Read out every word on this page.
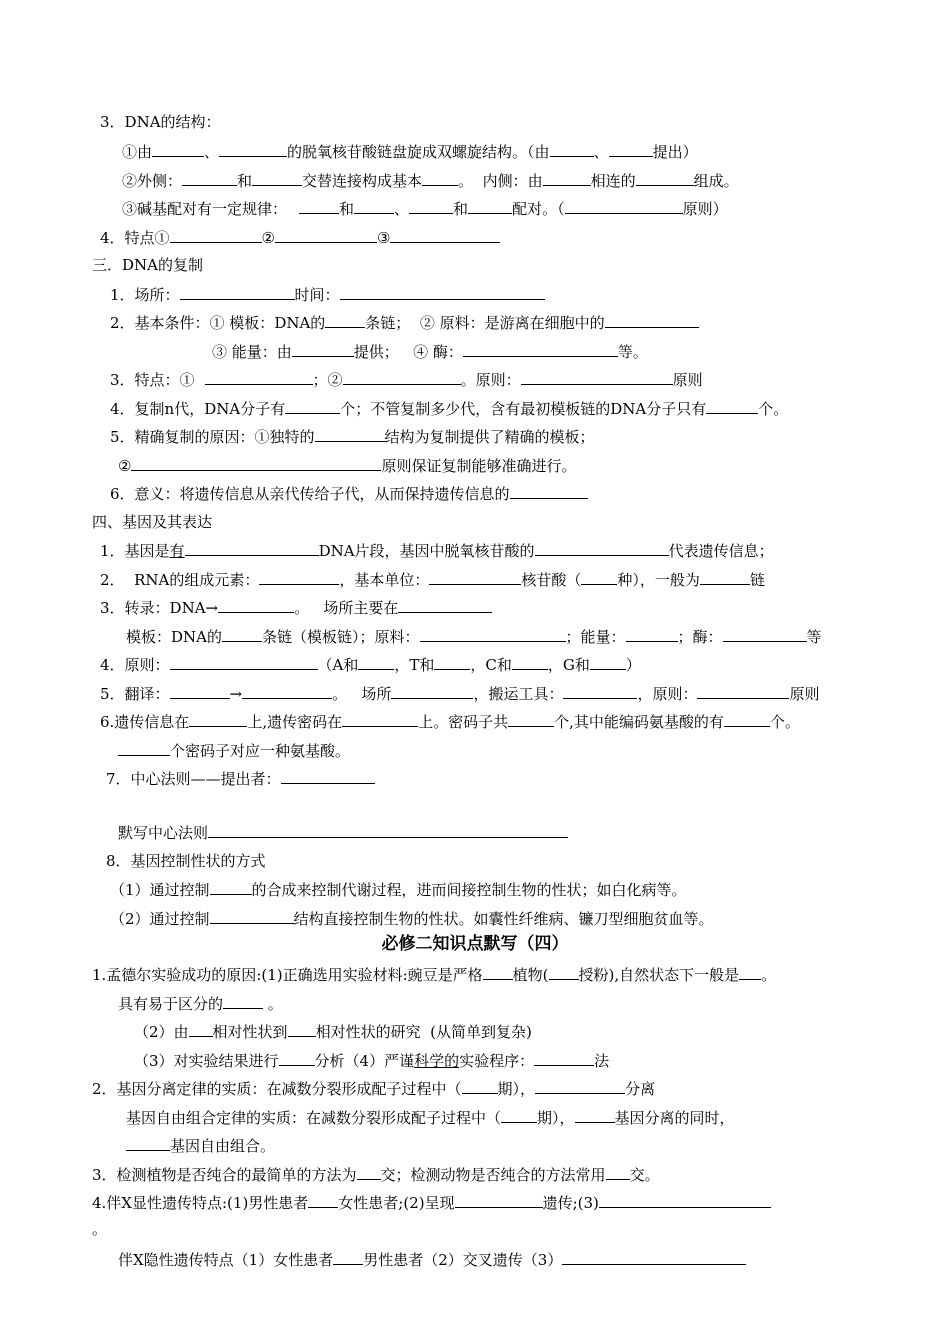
3．DNA的结构：
①由	、	的脱氧核苷酸链盘旋成双螺旋结构。（由	、	提出）
②外侧：	和	交替连接构成基本 。  内侧：由	相连的	组成。
③碱基配对有一定规律：	和	、	和	配对。（	原则）
4．特点①	②	③
三．DNA的复制
1．场所：	时间：
2．基本条件：① 模板：DNA的	条链；  ② 原料：是游离在细胞中的
③ 能量：由	提供；   ④ 酶：	等。
3．特点：①	；②	。原则：	原则
4．复制n代，DNA分子有	个；不管复制多少代，含有最初模板链的DNA分子只有	个。
5．精确复制的原因：①独特的	结构为复制提供了精确的模板；
②	原则保证复制能够准确进行。
6．意义：将遗传信息从亲代传给子代，从而保持遗传信息的
四、基因及其表达
1．基因是有	DNA片段，基因中脱氧核苷酸的	代表遗传信息；
2．  RNA的组成元素：	，基本单位：	核苷酸（ 种），一般为	链
3．转录：DNA→	。   场所主要在
模板：DNA的	条链（模板链）；原料：	；能量：	；酶：	等
4．原则：	（A和 ，T和 ，C和 ，G和 ）
5．翻译：	→	。   场所	，搬运工具：	，原则：	原则
6.遗传信息在	上,遗传密码在	上。密码子共	个,其中能编码氨基酸的有	个。
个密码子对应一种氨基酸。
7．中心法则——提出者：
默写中心法则
8．基因控制性状的方式
（1）通过控制	的合成来控制代谢过程，进而间接控制生物的性状；如白化病等。
（2）通过控制	结构直接控制生物的性状。如囊性纤维病、镰刀型细胞贫血等。
必修二知识点默写（四）
1.孟德尔实验成功的原因:(1)正确选用实验材料:豌豆是严格 植物( 授粉),自然状态下一般是 。
具有易于区分的	。
（2）由 相对性状到 相对性状的研究  (从简单到复杂)
（3）对实验结果进行 分析（4）严谨科学的实验程序：	法
2．基因分离定律的实质：在减数分裂形成配子过程中（ 期），	分离
基因自由组合定律的实质：在减数分裂形成配子过程中（ 期），	基因分离的同时，
基因自由组合。
3．检测植物是否纯合的最简单的方法为 交；检测动物是否纯合的方法常用 交。
4.伴X显性遗传特点:(1)男性患者 女性患者;(2)呈现	遗传;(3)
。
伴X隐性遗传特点（1）女性患者 男性患者（2）交叉遗传（3）
